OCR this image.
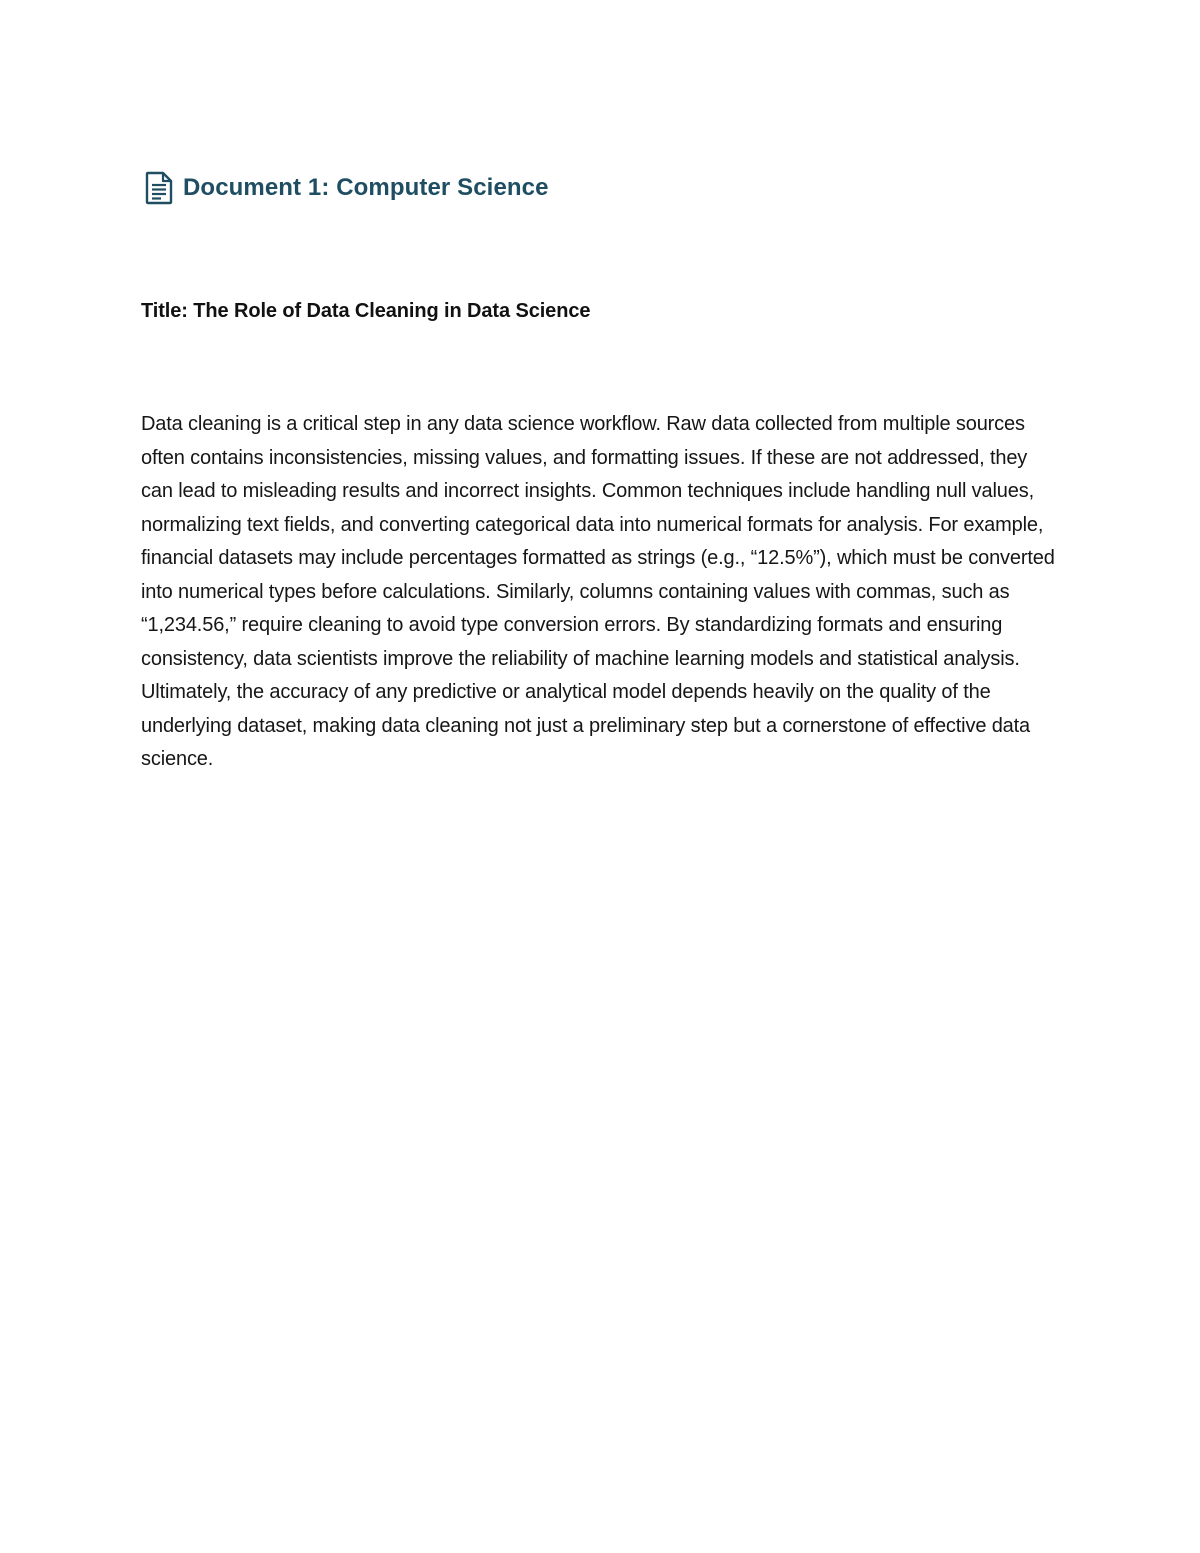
Document 1: Computer Science
Title: The Role of Data Cleaning in Data Science

Data cleaning is a critical step in any data science workflow. Raw data collected from multiple sources often contains inconsistencies, missing values, and formatting issues. If these are not addressed, they can lead to misleading results and incorrect insights. Common techniques include handling null values, normalizing text fields, and converting categorical data into numerical formats for analysis. For example, financial datasets may include percentages formatted as strings (e.g., “12.5%”), which must be converted into numerical types before calculations. Similarly, columns containing values with commas, such as “1,234.56,” require cleaning to avoid type conversion errors. By standardizing formats and ensuring consistency, data scientists improve the reliability of machine learning models and statistical analysis. Ultimately, the accuracy of any predictive or analytical model depends heavily on the quality of the underlying dataset, making data cleaning not just a preliminary step but a cornerstone of effective data science.
